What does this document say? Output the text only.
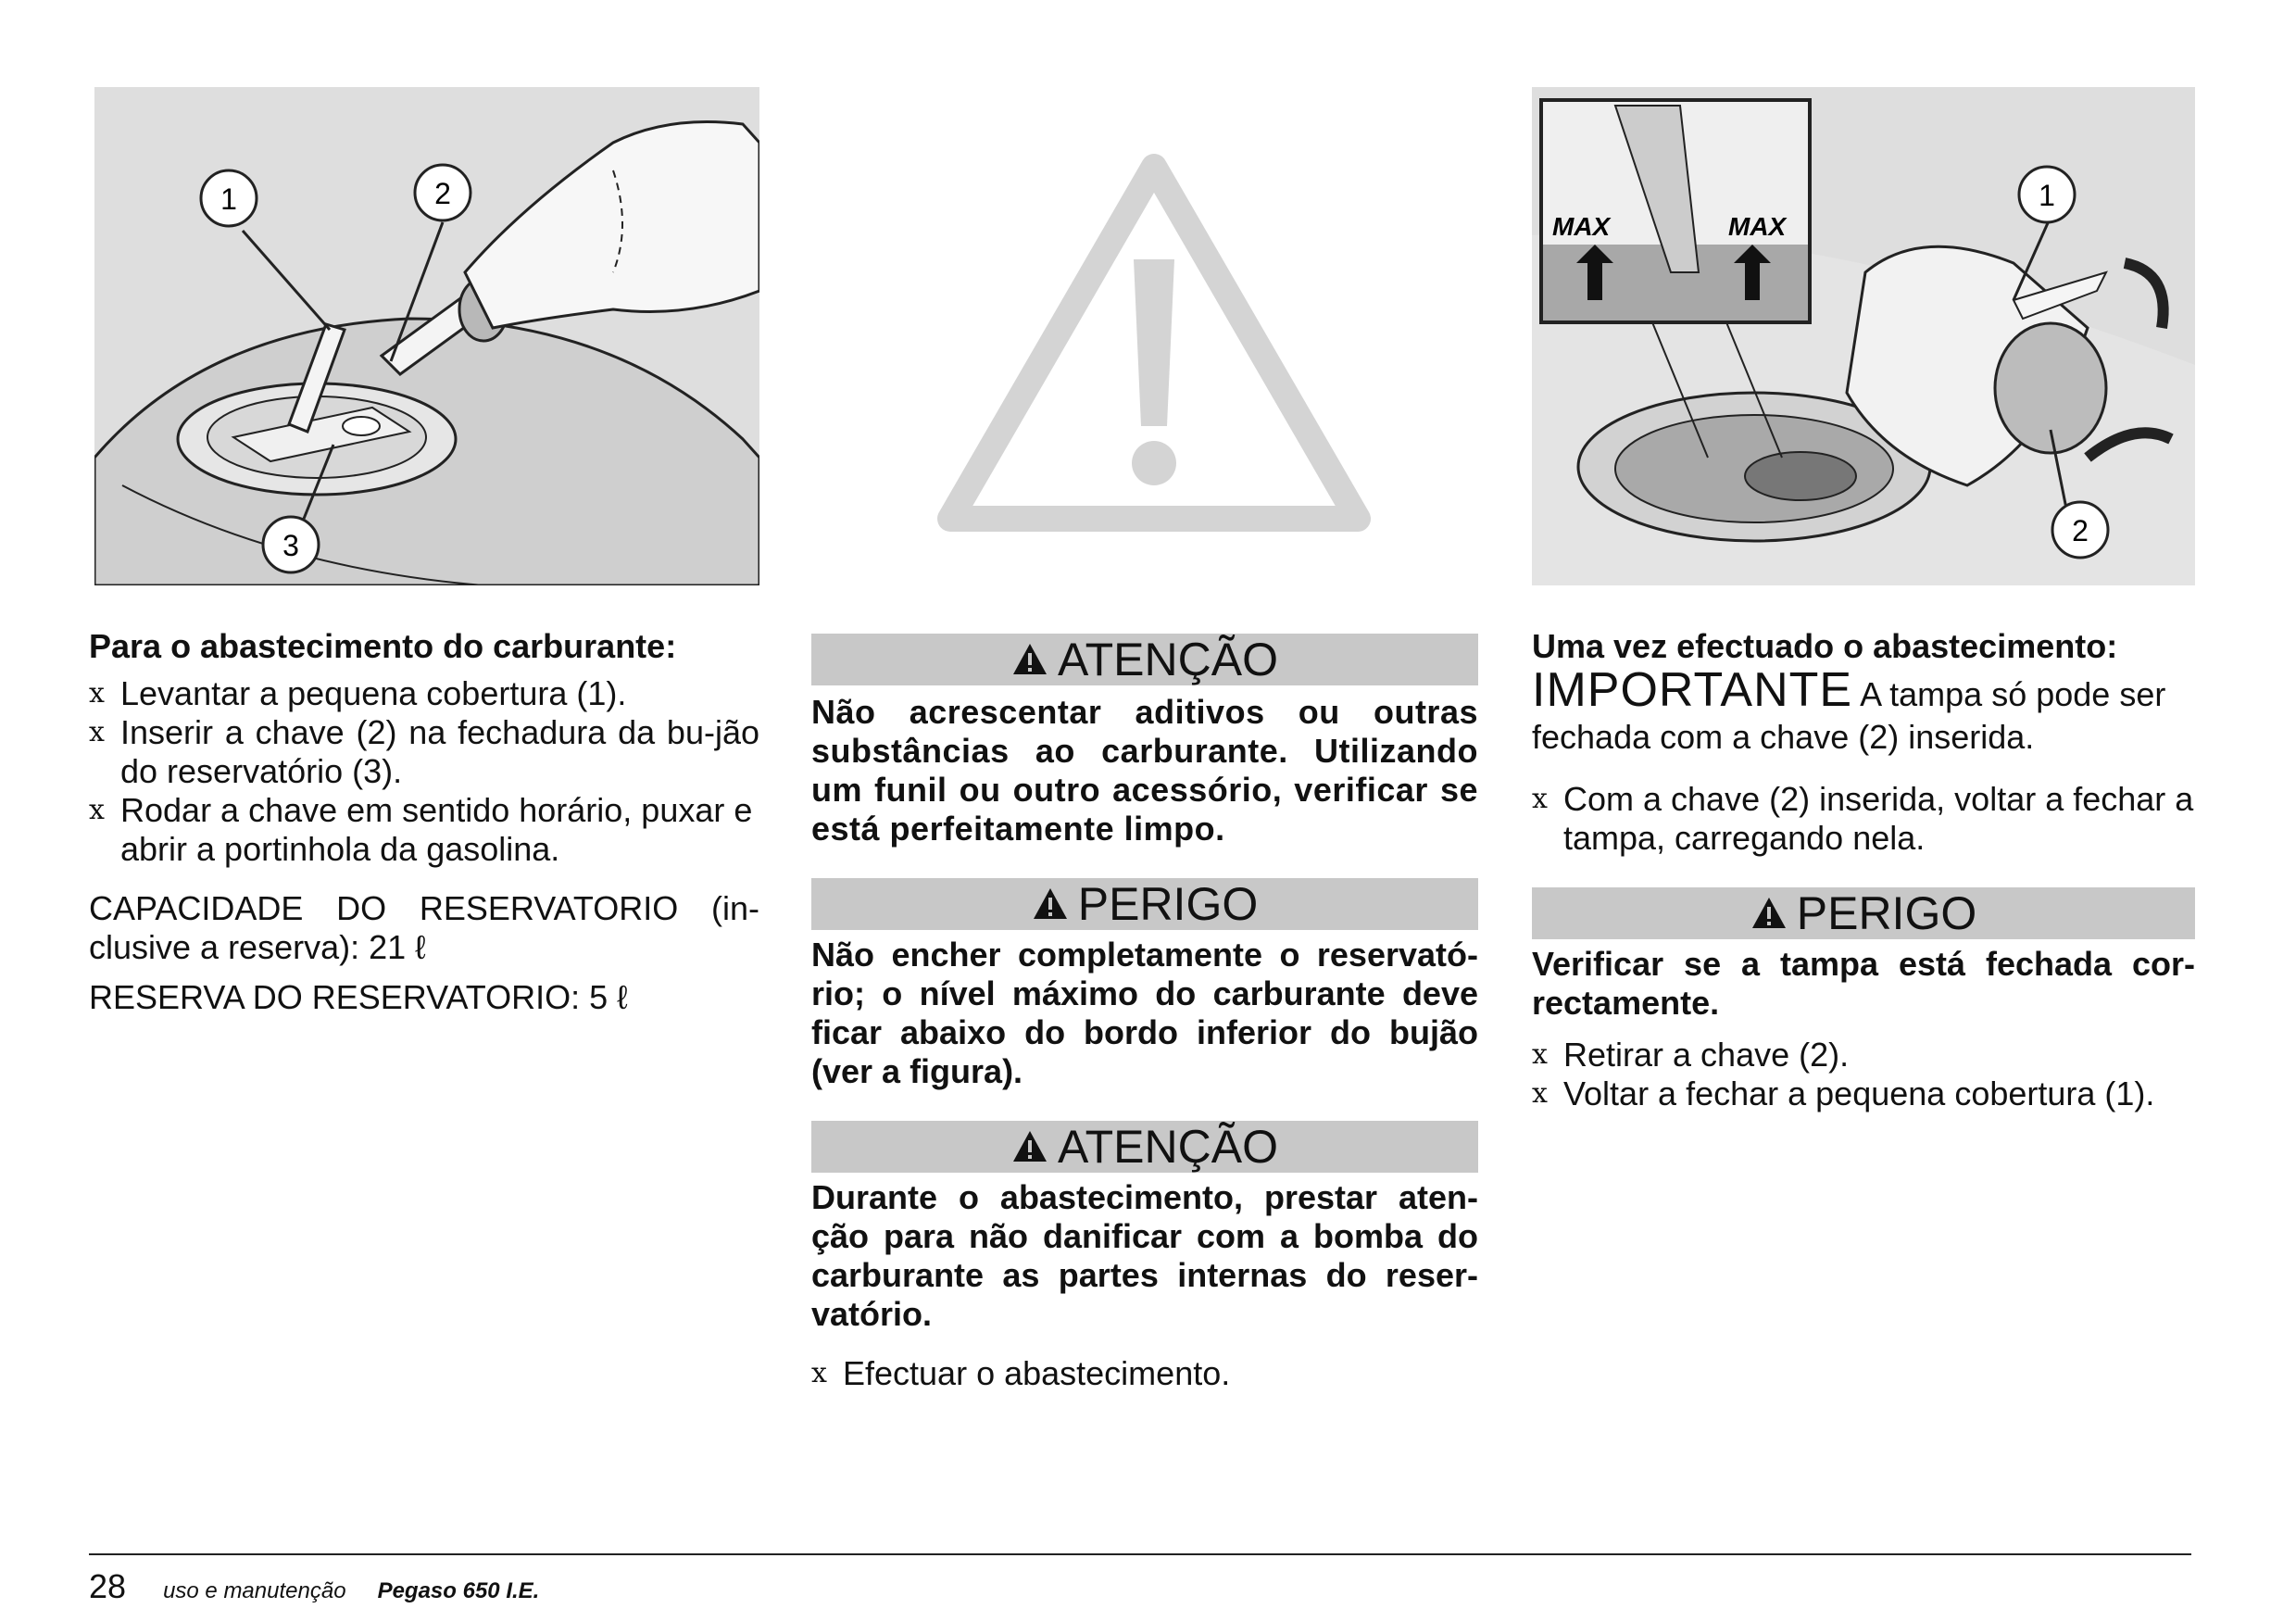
1	2
3

Para o abastecimento do carburante:

x Levantar a pequena cobertura (1).
x Inserir a chave (2) na fechadura da bu-jão do reservatório (3).
x Rodar a chave em sentido horário, puxar e abrir a portinhola da gasolina.

CAPACIDADE DO RESERVATORIO (in-clusive a reserva): 21 ℓ

RESERVA DO RESERVATORIO: 5 ℓ

ATENÇÃO

Não acrescentar aditivos ou outras substâncias ao carburante. Utilizando um funil ou outro acessório, verificar se está perfeitamente limpo.

PERIGO

Não encher completamente o reservató-rio; o nível máximo do carburante deve ficar abaixo do bordo inferior do bujão (ver a figura).

ATENÇÃO

Durante o abastecimento, prestar aten-ção para não danificar com a bomba do carburante as partes internas do reser-vatório.

x Efectuar o abastecimento.
MAX	MAX
1
2

Uma vez efectuado o abastecimento:

IMPORTANTE A tampa só pode ser fechada com a chave (2) inserida.

x Com a chave (2) inserida, voltar a fechar a tampa, carregando nela.
PERIGO

Verificar se a tampa está fechada cor-rectamente.

x Retirar a chave (2).
x Voltar a fechar a pequena cobertura (1).
28 uso e manutenção Pegaso 650 I.E.
